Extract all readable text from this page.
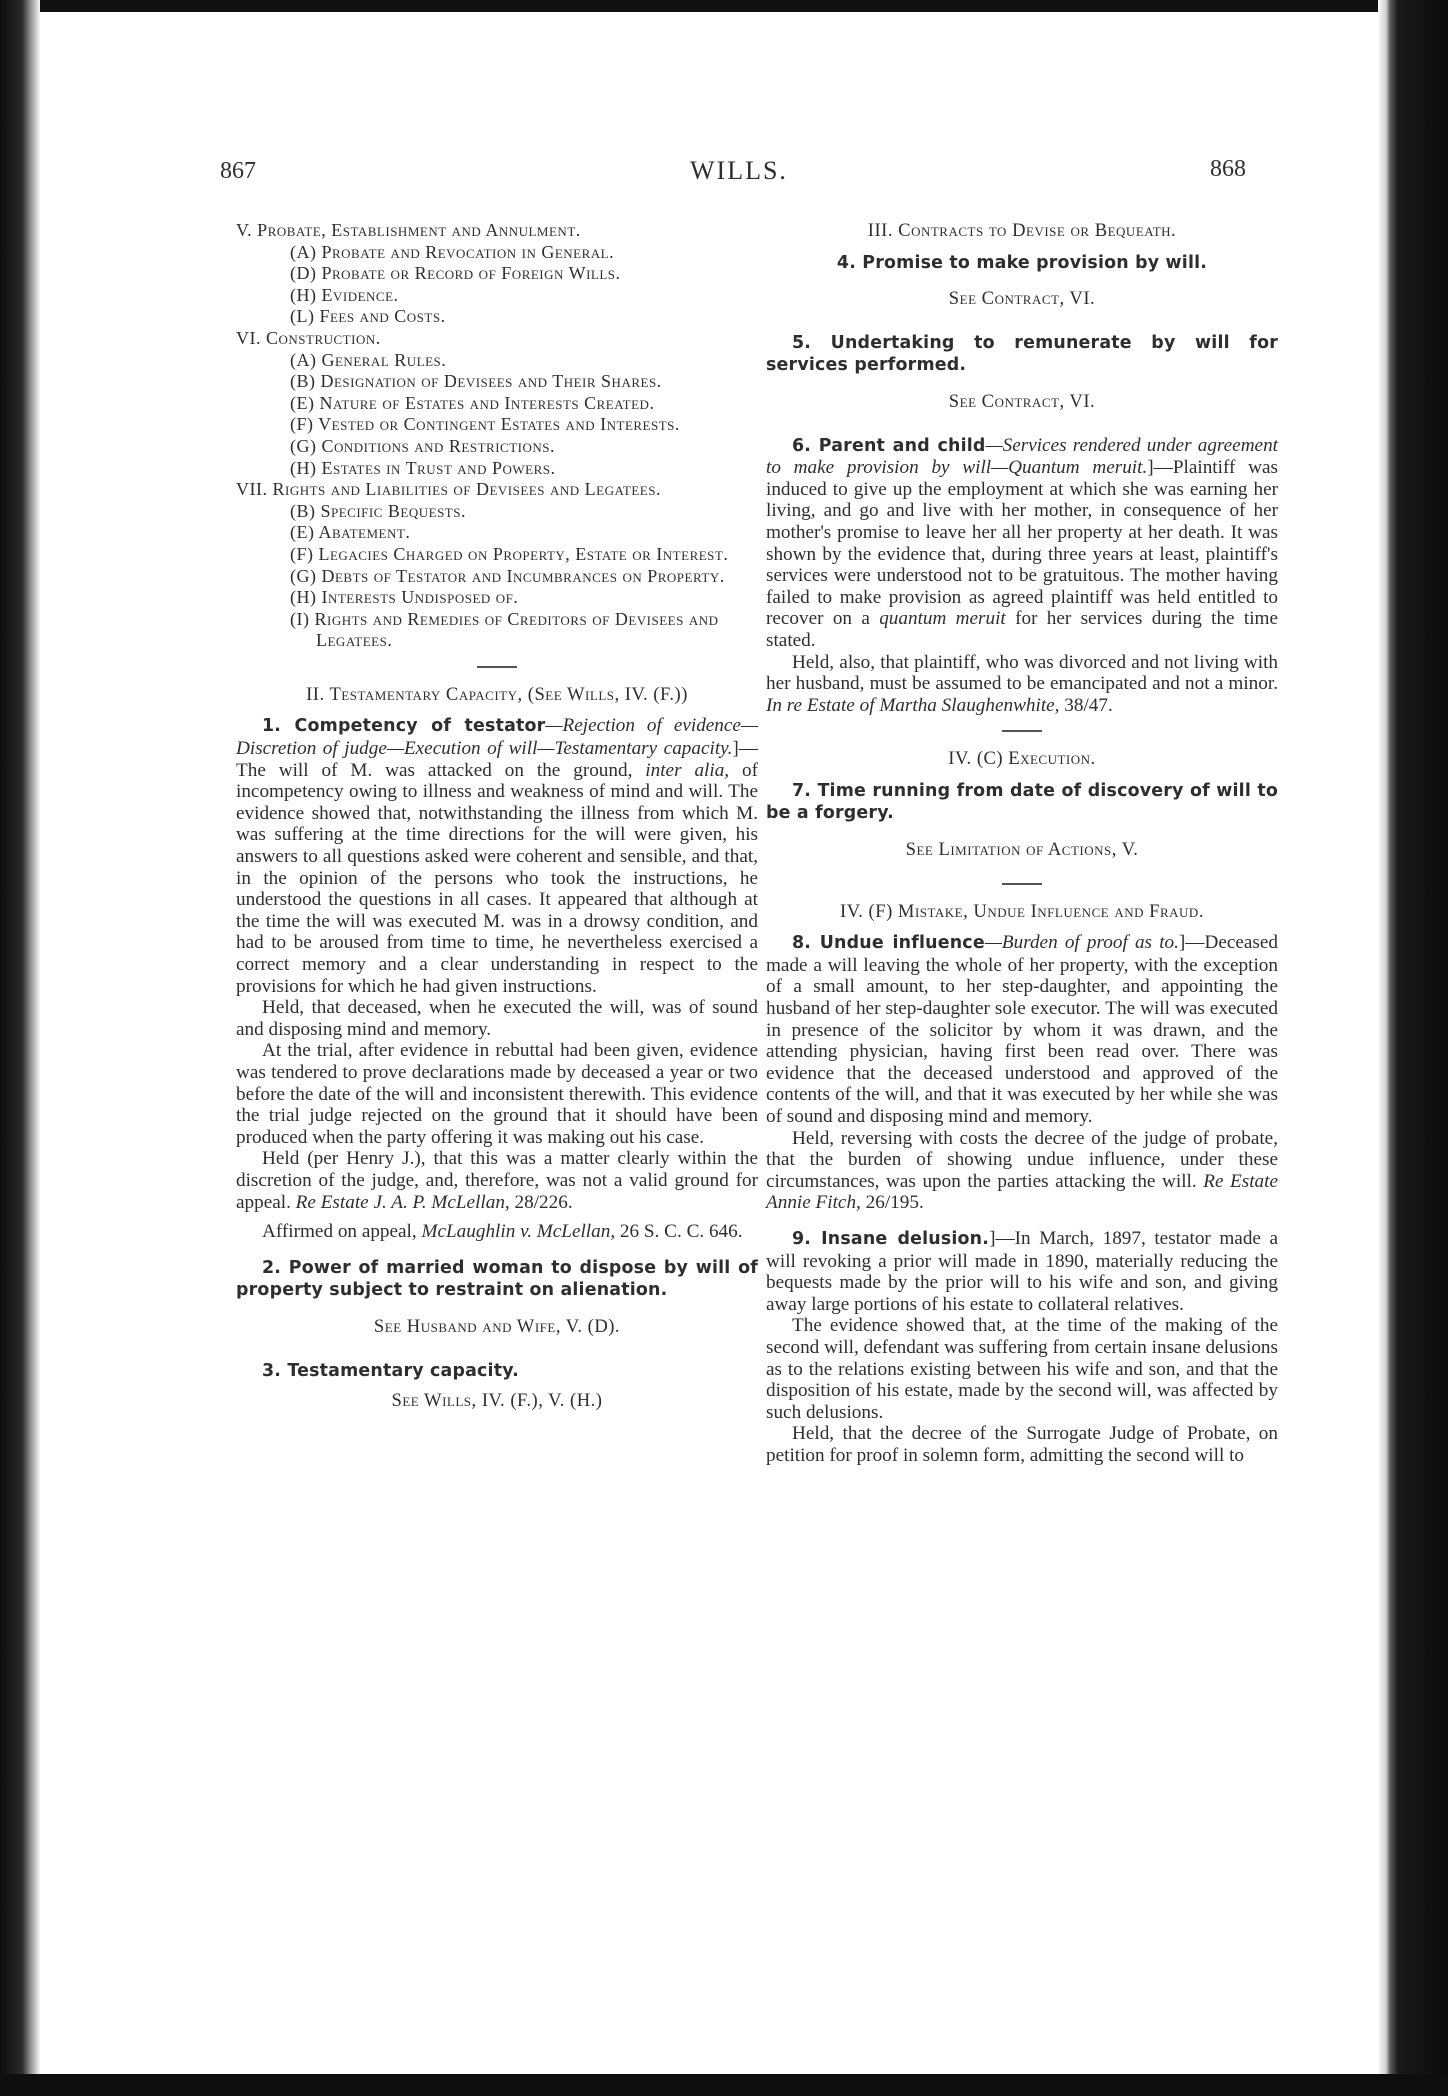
867	WILLS.	868
V. Probate, Establishment and Annulment.
(A) Probate and Revocation in General.
(D) Probate or Record of Foreign Wills.
(H) Evidence.
(L) Fees and Costs.
VI. Construction.
(A) General Rules.
(B) Designation of Devisees and Their Shares.
(E) Nature of Estates and Interests Created.
(F) Vested or Contingent Estates and Interests.
(G) Conditions and Restrictions.
(H) Estates in Trust and Powers.
VII. Rights and Liabilities of Devisees and Legatees.
(B) Specific Bequests.
(E) Abatement.
(F) Legacies Charged on Property, Estate or Interest.
(G) Debts of Testator and Incumbrances on Property.
(H) Interests Undisposed of.
(I) Rights and Remedies of Creditors of Devisees and Legatees.

II. Testamentary Capacity, (See Wills, IV. (F.))

1. Competency of testator—Rejection of evidence—Discretion of judge—Execution of will—Testamentary capacity.]—The will of M. was attacked on the ground, inter alia, of incompetency owing to illness and weakness of mind and will. The evidence showed that, notwithstanding the illness from which M. was suffering at the time directions for the will were given, his answers to all questions asked were coherent and sensible, and that, in the opinion of the persons who took the instructions, he understood the questions in all cases. It appeared that although at the time the will was executed M. was in a drowsy condition, and had to be aroused from time to time, he nevertheless exercised a correct memory and a clear understanding in respect to the provisions for which he had given instructions.

Held, that deceased, when he executed the will, was of sound and disposing mind and memory.

At the trial, after evidence in rebuttal had been given, evidence was tendered to prove declarations made by deceased a year or two before the date of the will and inconsistent therewith. This evidence the trial judge rejected on the ground that it should have been produced when the party offering it was making out his case.

Held (per Henry J.), that this was a matter clearly within the discretion of the judge, and, therefore, was not a valid ground for appeal. Re Estate J. A. P. McLellan, 28/226.

Affirmed on appeal, McLaughlin v. McLellan, 26 S. C. C. 646.

2. Power of married woman to dispose by will of property subject to restraint on alienation.

See Husband and Wife, V. (D).

3. Testamentary capacity.

See Wills, IV. (F.), V. (H.)

III. Contracts to Devise or Bequeath.

4. Promise to make provision by will.

See Contract, VI.

5. Undertaking to remunerate by will for services performed.

See Contract, VI.

6. Parent and child—Services rendered under agreement to make provision by will—Quantum meruit.]—Plaintiff was induced to give up the employment at which she was earning her living, and go and live with her mother, in consequence of her mother's promise to leave her all her property at her death. It was shown by the evidence that, during three years at least, plaintiff's services were understood not to be gratuitous. The mother having failed to make provision as agreed plaintiff was held entitled to recover on a quantum meruit for her services during the time stated.

Held, also, that plaintiff, who was divorced and not living with her husband, must be assumed to be emancipated and not a minor. In re Estate of Martha Slaughenwhite, 38/47.

IV. (C) Execution.

7. Time running from date of discovery of will to be a forgery.

See Limitation of Actions, V.

IV. (F) Mistake, Undue Influence and Fraud.

8. Undue influence—Burden of proof as to.]—Deceased made a will leaving the whole of her property, with the exception of a small amount, to her step-daughter, and appointing the husband of her step-daughter sole executor. The will was executed in presence of the solicitor by whom it was drawn, and the attending physician, having first been read over. There was evidence that the deceased understood and approved of the contents of the will, and that it was executed by her while she was of sound and disposing mind and memory.

Held, reversing with costs the decree of the judge of probate, that the burden of showing undue influence, under these circumstances, was upon the parties attacking the will. Re Estate Annie Fitch, 26/195.

9. Insane delusion.]—In March, 1897, testator made a will revoking a prior will made in 1890, materially reducing the bequests made by the prior will to his wife and son, and giving away large portions of his estate to collateral relatives.

The evidence showed that, at the time of the making of the second will, defendant was suffering from certain insane delusions as to the relations existing between his wife and son, and that the disposition of his estate, made by the second will, was affected by such delusions.

Held, that the decree of the Surrogate Judge of Probate, on petition for proof in solemn form, admitting the second will to
